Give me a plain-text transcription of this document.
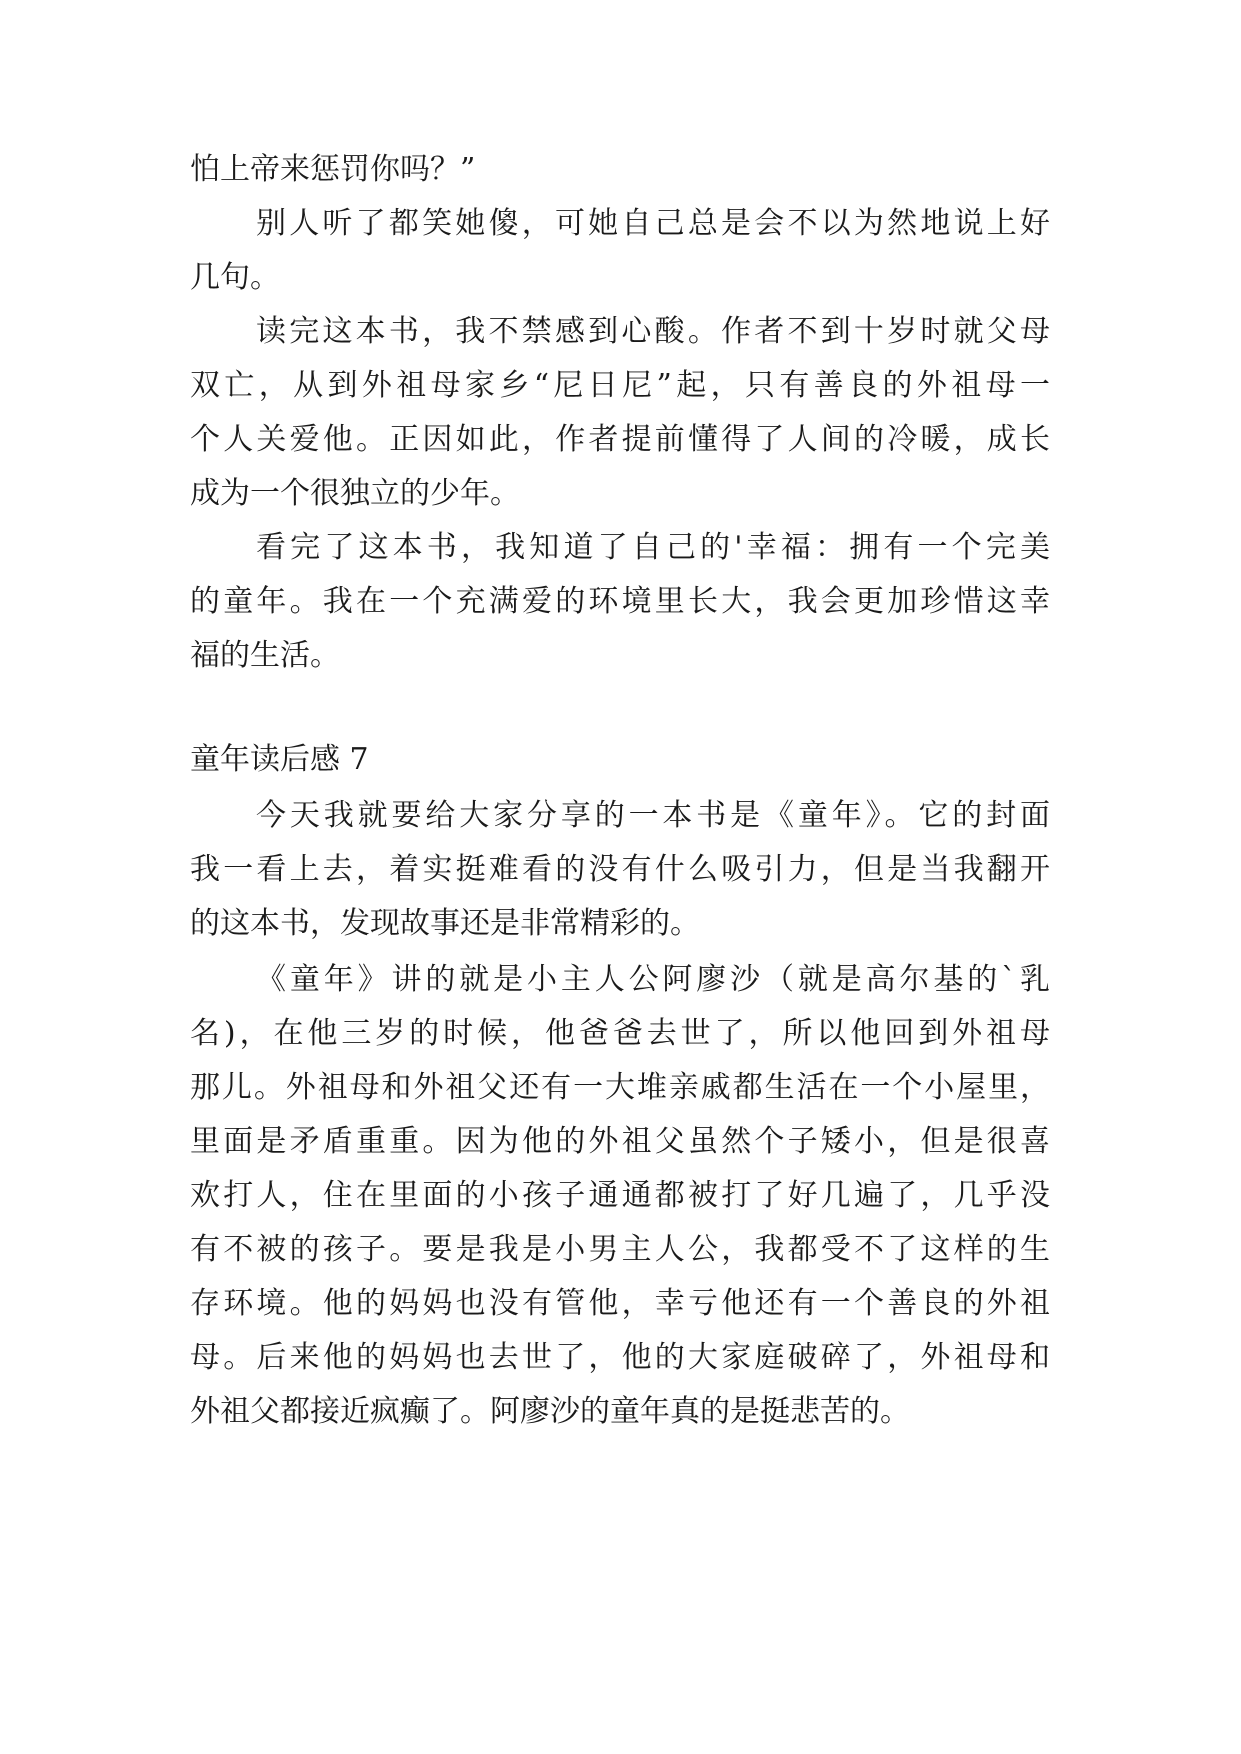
怕上帝来惩罚你吗？”
别人听了都笑她傻，可她自己总是会不以为然地说上好
几句。
读完这本书，我不禁感到心酸。作者不到十岁时就父母
双亡，从到外祖母家乡“尼日尼”起，只有善良的外祖母一
个人关爱他。正因如此，作者提前懂得了人间的冷暖，成长
成为一个很独立的少年。
看完了这本书，我知道了自己的'幸福：拥有一个完美
的童年。我在一个充满爱的环境里长大，我会更加珍惜这幸
福的生活。
童年读后感 7
今天我就要给大家分享的一本书是《童年》。它的封面
我一看上去，着实挺难看的没有什么吸引力，但是当我翻开
的这本书，发现故事还是非常精彩的。
《童年》讲的就是小主人公阿廖沙（就是高尔基的`乳
名)，在他三岁的时候，他爸爸去世了，所以他回到外祖母
那儿。外祖母和外祖父还有一大堆亲戚都生活在一个小屋里，
里面是矛盾重重。因为他的外祖父虽然个子矮小，但是很喜
欢打人，住在里面的小孩子通通都被打了好几遍了，几乎没
有不被的孩子。要是我是小男主人公，我都受不了这样的生
存环境。他的妈妈也没有管他，幸亏他还有一个善良的外祖
母。后来他的妈妈也去世了，他的大家庭破碎了，外祖母和
外祖父都接近疯癫了。阿廖沙的童年真的是挺悲苦的。
